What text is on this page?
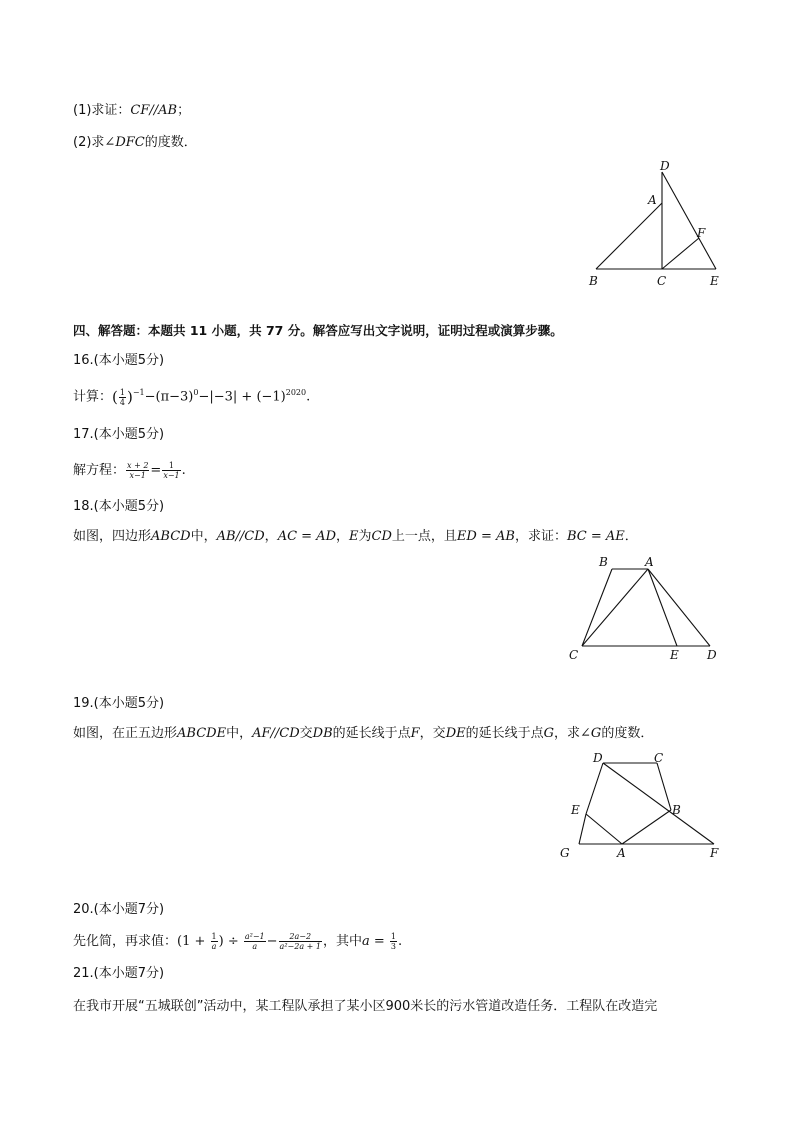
(1)求证：CF//AB；
(2)求∠DFC的度数．
D
A
F
B	C	E
四、解答题：本题共 11 小题，共 77 分。解答应写出文字说明，证明过程或演算步骤。
16.(本小题5分)
计算：( $\frac{1}{4} )^{-1}-(\pi-3)^0-|-3| + (-1)^{2020}$.
17.(本小题5分)
解方程： $\frac{x + 2}{x-1} = \frac{1}{x-1}$ .
18.(本小题5分)
如图，四边形ABCD中，AB//CD，AC = AD，E为CD上一点，且ED = AB，求证：BC = AE．
B	A
C	E D
19.(本小题5分)
如图，在正五边形ABCDE中，AF//CD交DB的延长线于点F，交DE的延长线于点G，求∠G的度数．
D	C
E	B
G	A	F
20.(本小题7分)
先化简，再求值：($1 + \frac{1}{a}$ ) ÷ $\frac{\text{a²−1}}{a} - \frac{2a-2}{\text{a²−2a + 1}}$ ，其中$a = \frac{1}{3}$ .
21.(本小题7分)
在我市开展“五城联创”活动中，某工程队承担了某小区900米长的污水管道改造任务．工程队在改造完
